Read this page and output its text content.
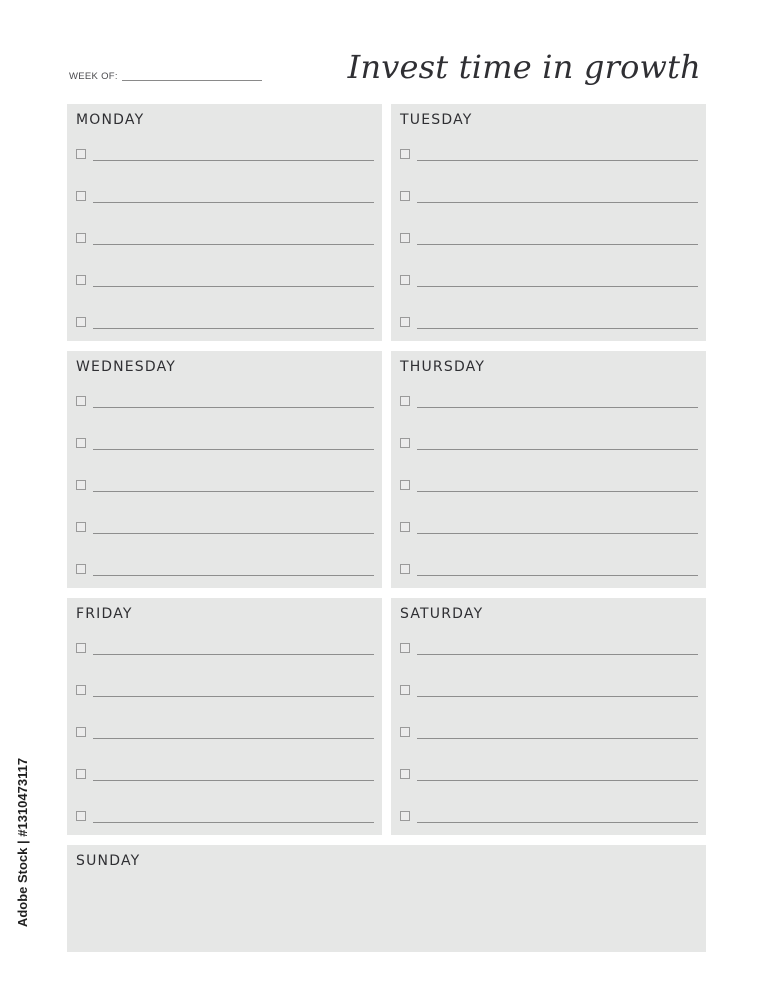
WEEK OF:	Invest time in growth
MONDAY	TUESDAY
WEDNESDAY	THURSDAY
FRIDAY	SATURDAY
SUNDAY
Adobe Stock | #1310473117
